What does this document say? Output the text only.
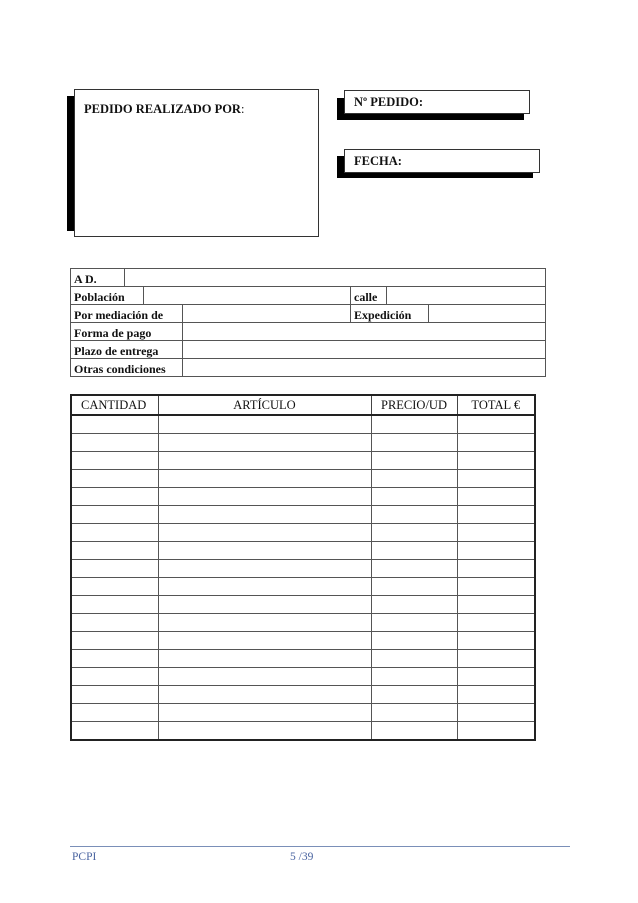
PEDIDO REALIZADO POR:	Nº PEDIDO:
FECHA:
A D.						
Población				calle		
Por mediación de				Expedición		
Forma de pago						
Plazo de entrega						
Otras condiciones						
CANTIDAD	ARTÍCULO	PRECIO/UD	TOTAL €

PCPI	5 /39
